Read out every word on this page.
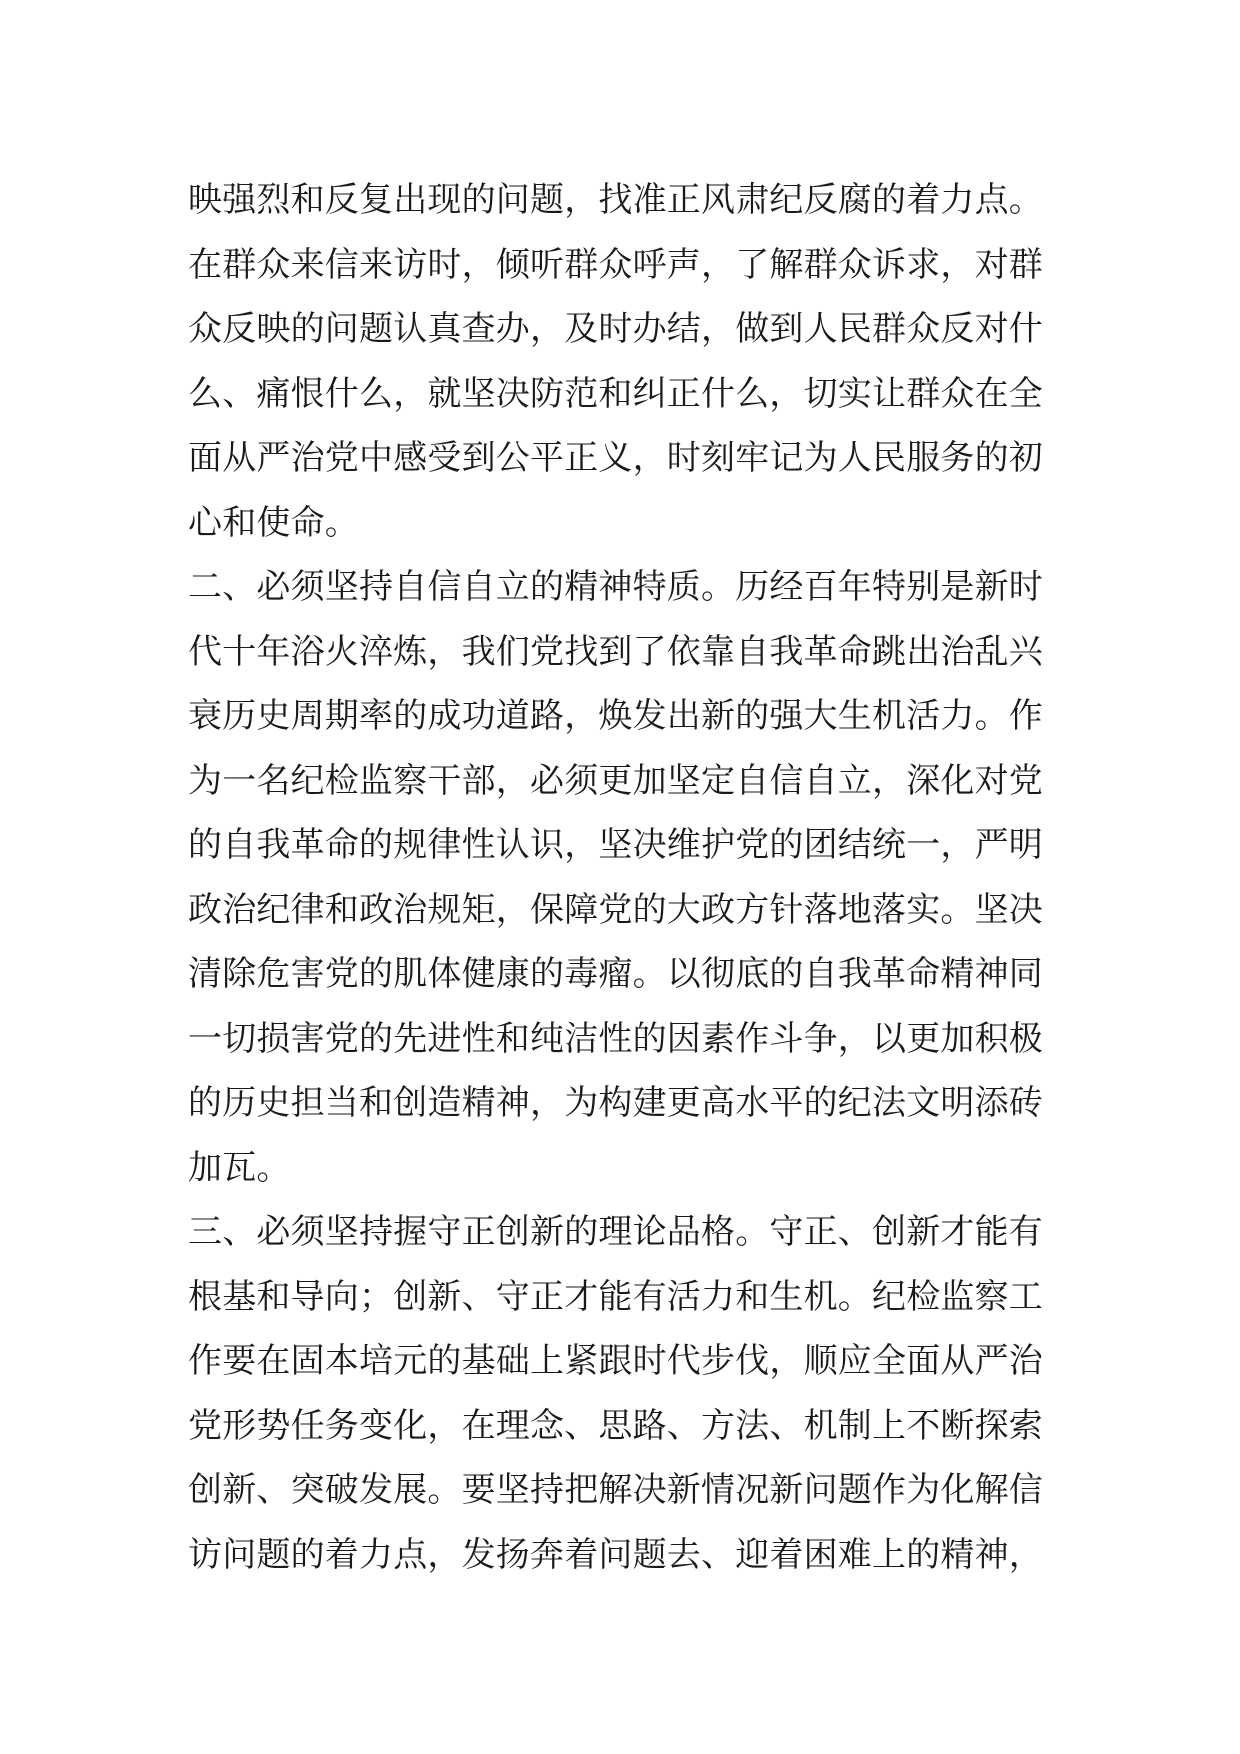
映强烈和反复出现的问题，找准正风肃纪反腐的着力点。
在群众来信来访时，倾听群众呼声，了解群众诉求，对群
众反映的问题认真查办，及时办结，做到人民群众反对什
么、痛恨什么，就坚决防范和纠正什么，切实让群众在全
面从严治党中感受到公平正义，时刻牢记为人民服务的初
心和使命。
二、必须坚持自信自立的精神特质。历经百年特别是新时
代十年浴火淬炼，我们党找到了依靠自我革命跳出治乱兴
衰历史周期率的成功道路，焕发出新的强大生机活力。作
为一名纪检监察干部，必须更加坚定自信自立，深化对党
的自我革命的规律性认识，坚决维护党的团结统一，严明
政治纪律和政治规矩，保障党的大政方针落地落实。坚决
清除危害党的肌体健康的毒瘤。以彻底的自我革命精神同
一切损害党的先进性和纯洁性的因素作斗争，以更加积极
的历史担当和创造精神，为构建更高水平的纪法文明添砖
加瓦。
三、必须坚持握守正创新的理论品格。守正、创新才能有
根基和导向；创新、守正才能有活力和生机。纪检监察工
作要在固本培元的基础上紧跟时代步伐，顺应全面从严治
党形势任务变化，在理念、思路、方法、机制上不断探索
创新、突破发展。要坚持把解决新情况新问题作为化解信
访问题的着力点，发扬奔着问题去、迎着困难上的精神，
